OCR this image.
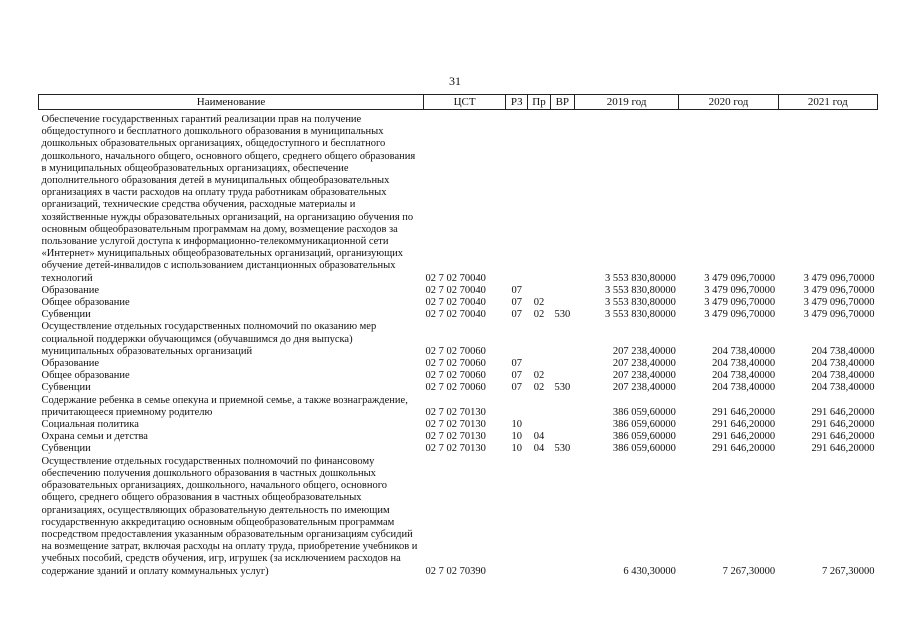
31
Наименование	ЦСТ	РЗ	Пр	ВР	2019 год	2020 год	2021 год
Обеспечение государственных гарантий реализации прав на получение общедоступного и бесплатного дошкольного образования в муниципальных дошкольных образовательных организациях, общедоступного и бесплатного дошкольного, начального общего, основного общего, среднего общего образования в муниципальных общеобразовательных организациях, обеспечение дополнительного образования детей в муниципальных общеобразовательных организациях в части расходов на оплату труда работникам образовательных организаций, технические средства обучения, расходные материалы и хозяйственные нужды образовательных организаций, на организацию обучения по основным общеобразовательным программам на дому, возмещение расходов за пользование услугой доступа к информационно-телекоммуникационной сети «Интернет» муниципальных общеобразовательных организаций, организующих обучение детей-инвалидов с использованием дистанционных образовательных технологий	02 7 02 70040				3 553 830,80000	3 479 096,70000	3 479 096,70000
Образование	02 7 02 70040	07			3 553 830,80000	3 479 096,70000	3 479 096,70000
Общее образование	02 7 02 70040	07	02		3 553 830,80000	3 479 096,70000	3 479 096,70000
Субвенции	02 7 02 70040	07	02	530	3 553 830,80000	3 479 096,70000	3 479 096,70000
Осуществление отдельных государственных полномочий по оказанию мер социальной поддержки обучающимся (обучавшимся до дня выпуска) муниципальных образовательных организаций	02 7 02 70060				207 238,40000	204 738,40000	204 738,40000
Образование	02 7 02 70060	07			207 238,40000	204 738,40000	204 738,40000
Общее образование	02 7 02 70060	07	02		207 238,40000	204 738,40000	204 738,40000
Субвенции	02 7 02 70060	07	02	530	207 238,40000	204 738,40000	204 738,40000
Содержание ребенка в семье опекуна и приемной семье, а также вознаграждение, причитающееся приемному родителю	02 7 02 70130				386 059,60000	291 646,20000	291 646,20000
Социальная политика	02 7 02 70130	10			386 059,60000	291 646,20000	291 646,20000
Охрана семьи и детства	02 7 02 70130	10	04		386 059,60000	291 646,20000	291 646,20000
Субвенции	02 7 02 70130	10	04	530	386 059,60000	291 646,20000	291 646,20000
Осуществление отдельных государственных полномочий по финансовому обеспечению получения дошкольного образования в частных дошкольных образовательных организациях, дошкольного, начального общего, основного общего, среднего общего образования в частных общеобразовательных организациях, осуществляющих образовательную деятельность по имеющим государственную аккредитацию основным общеобразовательным программам посредством предоставления указанным образовательным организациям субсидий на возмещение затрат, включая расходы на оплату труда, приобретение учебников и учебных пособий, средств обучения, игр, игрушек (за исключением расходов на содержание зданий и оплату коммунальных услуг)	02 7 02 70390				6 430,30000	7 267,30000	7 267,30000
